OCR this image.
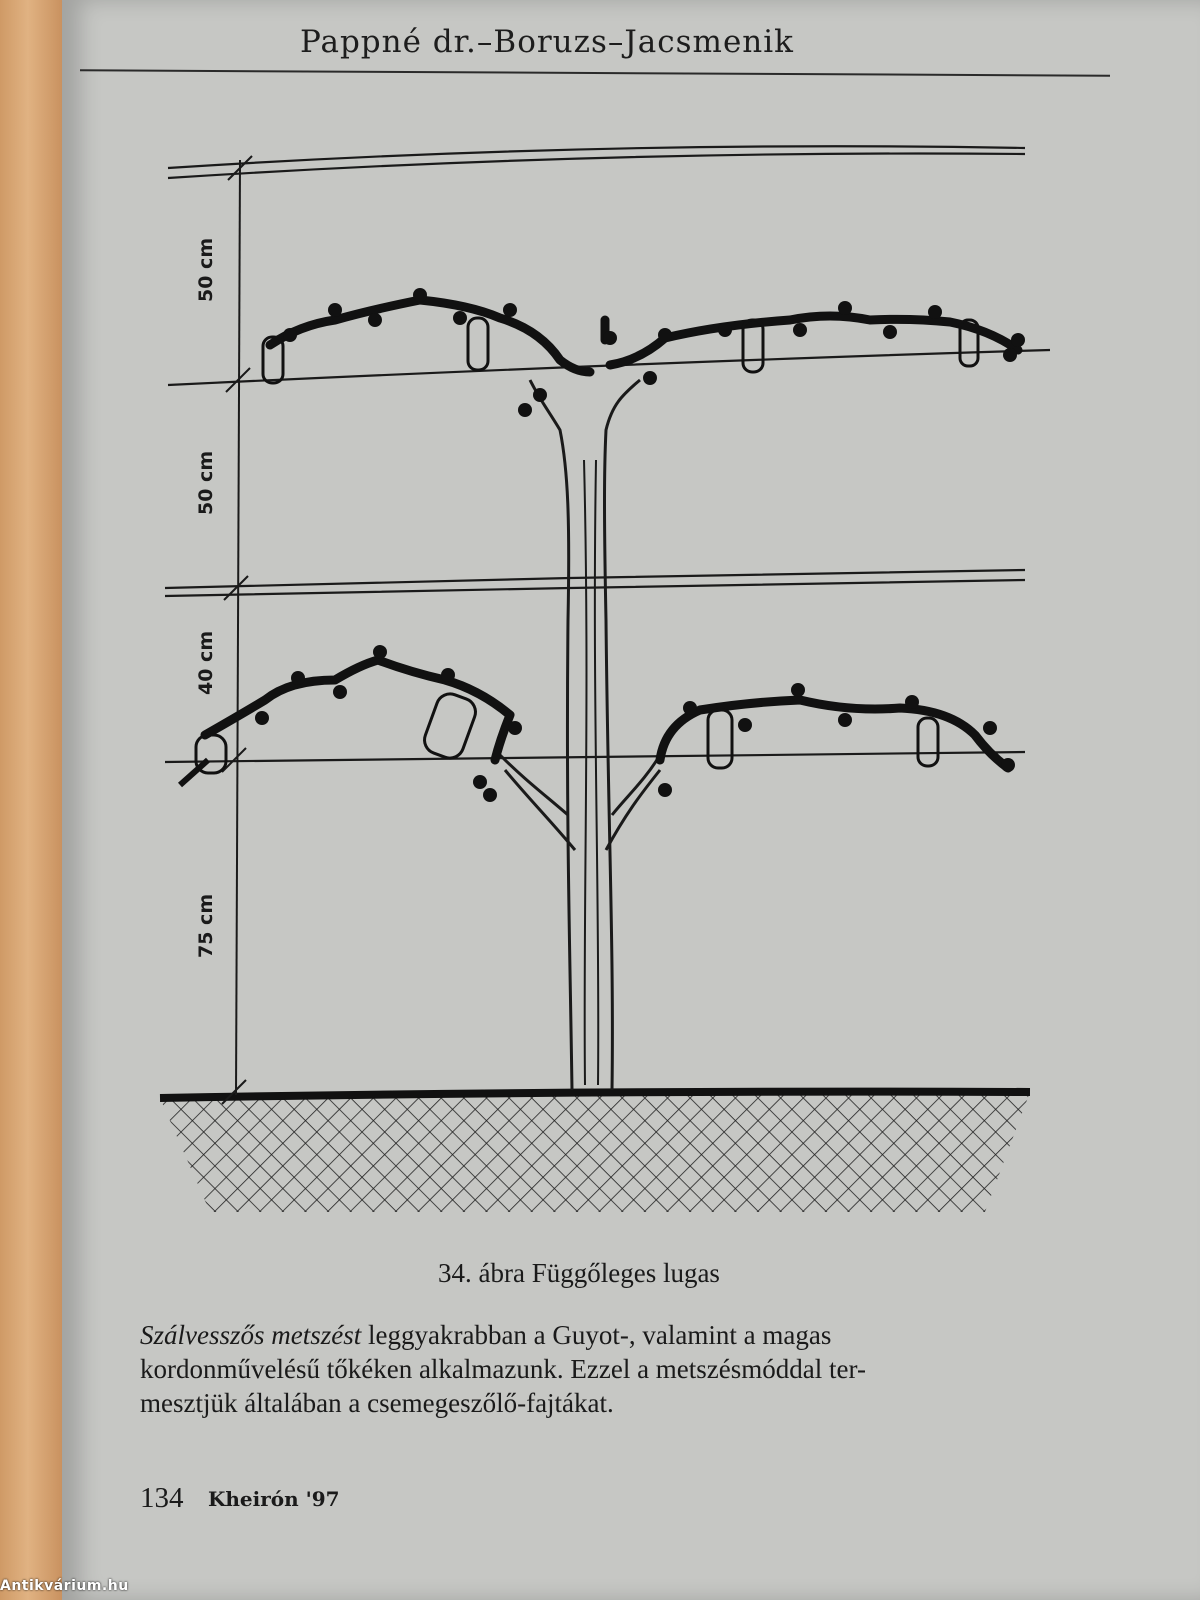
Pappné dr.–Boruzs–Jacsmenik
50 cm
50 cm
40 cm
75 cm
34. ábra Függőleges lugas
Szálvesszős metszést leggyakrabban a Guyot-, valamint a magas
kordonművelésű tőkéken alkalmazunk. Ezzel a metszésmóddal ter-
mesztjük általában a csemegeszőlő-fajtákat.
134 Kheirón '97
Antikvárium.hu
